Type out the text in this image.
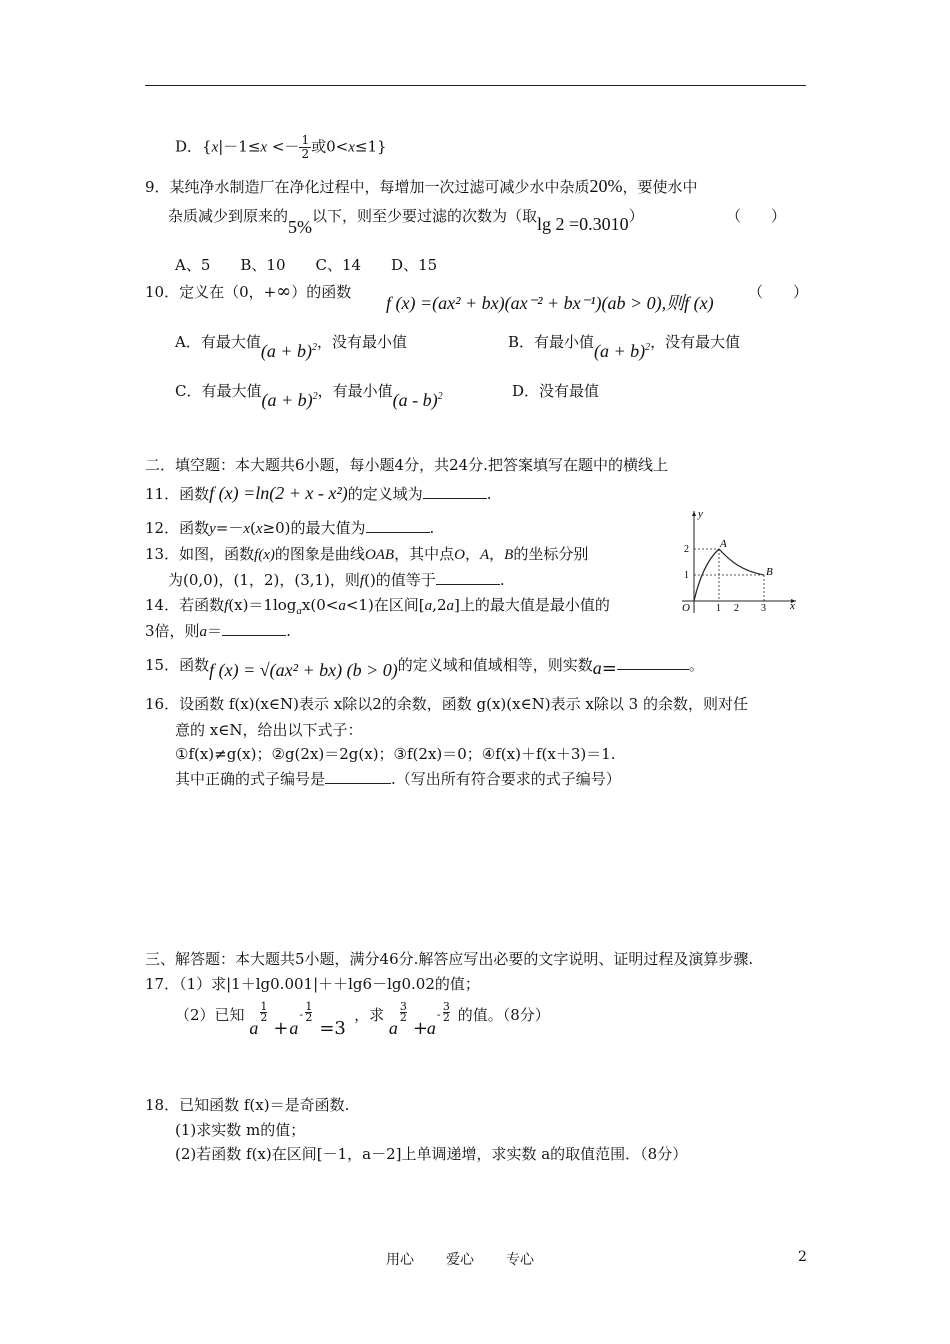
D．{$x|-1\le x <- \frac{1}{2}$ 或0<x≤1}
9．某纯净水制造厂在净化过程中，每增加一次过滤可减少水中杂质20%，要使水中
杂质减少到原来的5%以下，则至少要过滤的次数为（取lg 2 =0.3010）	（　　）
A、5　　B、10　　C、14　　D、15
10．定义在（0，+∞）的函数
f (x) =(ax² + bx)(ax⁻² + bx⁻¹)(ab > 0),则f (x)
（　　）
A．有最大值$(a + b)^2$，没有最小值	B．有最小值$(a + b)^2$，没有最大值
C．有最大值$(a + b)^2$，有最小值(a - b)$^2$	D．没有最值
二．填空题：本大题共6小题，每小题4分，共24分.把答案填写在题中的横线上
11．函数f (x) =ln(2 + x - x²)的定义域为	.
12．函数y=－x(x≥0)的最大值为	.
13．如图，函数f(x)的图象是曲线OAB，其中点O，A，B的坐标分别
为(0,0)，(1，2)，(3,1)，则f()的值等于	.
14．若函数$f(x)=1\log_ax(0<a<1)$在区间[a,2a]上的最大值是最小值的
3倍，则a＝	.
y
x
O
A
B
1 2 3
1
2
15．函数f (x) = √(ax² + bx) (b > 0)的定义域和值域相等，则实数a=	。
16．设函数 f(x)(x∈N)表示 x除以2的余数，函数 g(x)(x∈N)表示 x除以 3 的余数，则对任
意的 x∈N，给出以下式子：
①f(x)≠g(x)；②g(2x)＝2g(x)；③f(2x)＝0；④f(x)＋f(x＋3)＝1.
其中正确的式子编号是	.（写出所有符合要求的式子编号）
三、解答题：本大题共5小题，满分46分.解答应写出必要的文字说明、证明过程及演算步骤.
17．（1）求|1＋lg0.001|＋＋lg6－lg0.02的值；
（2）已知
a
$\frac{1}{2}$
+ a
- $\frac{1}{2}$
=3
，求
a
$\frac{3}{2}$
+
a
- $\frac{3}{2}$ 的值。（8分）
18．已知函数 f(x)＝是奇函数.
(1)求实数 m的值；
(2)若函数 f(x)在区间[－1，a－2]上单调递增，求实数 a的取值范围．（8分）
用心 爱心 专心	2
